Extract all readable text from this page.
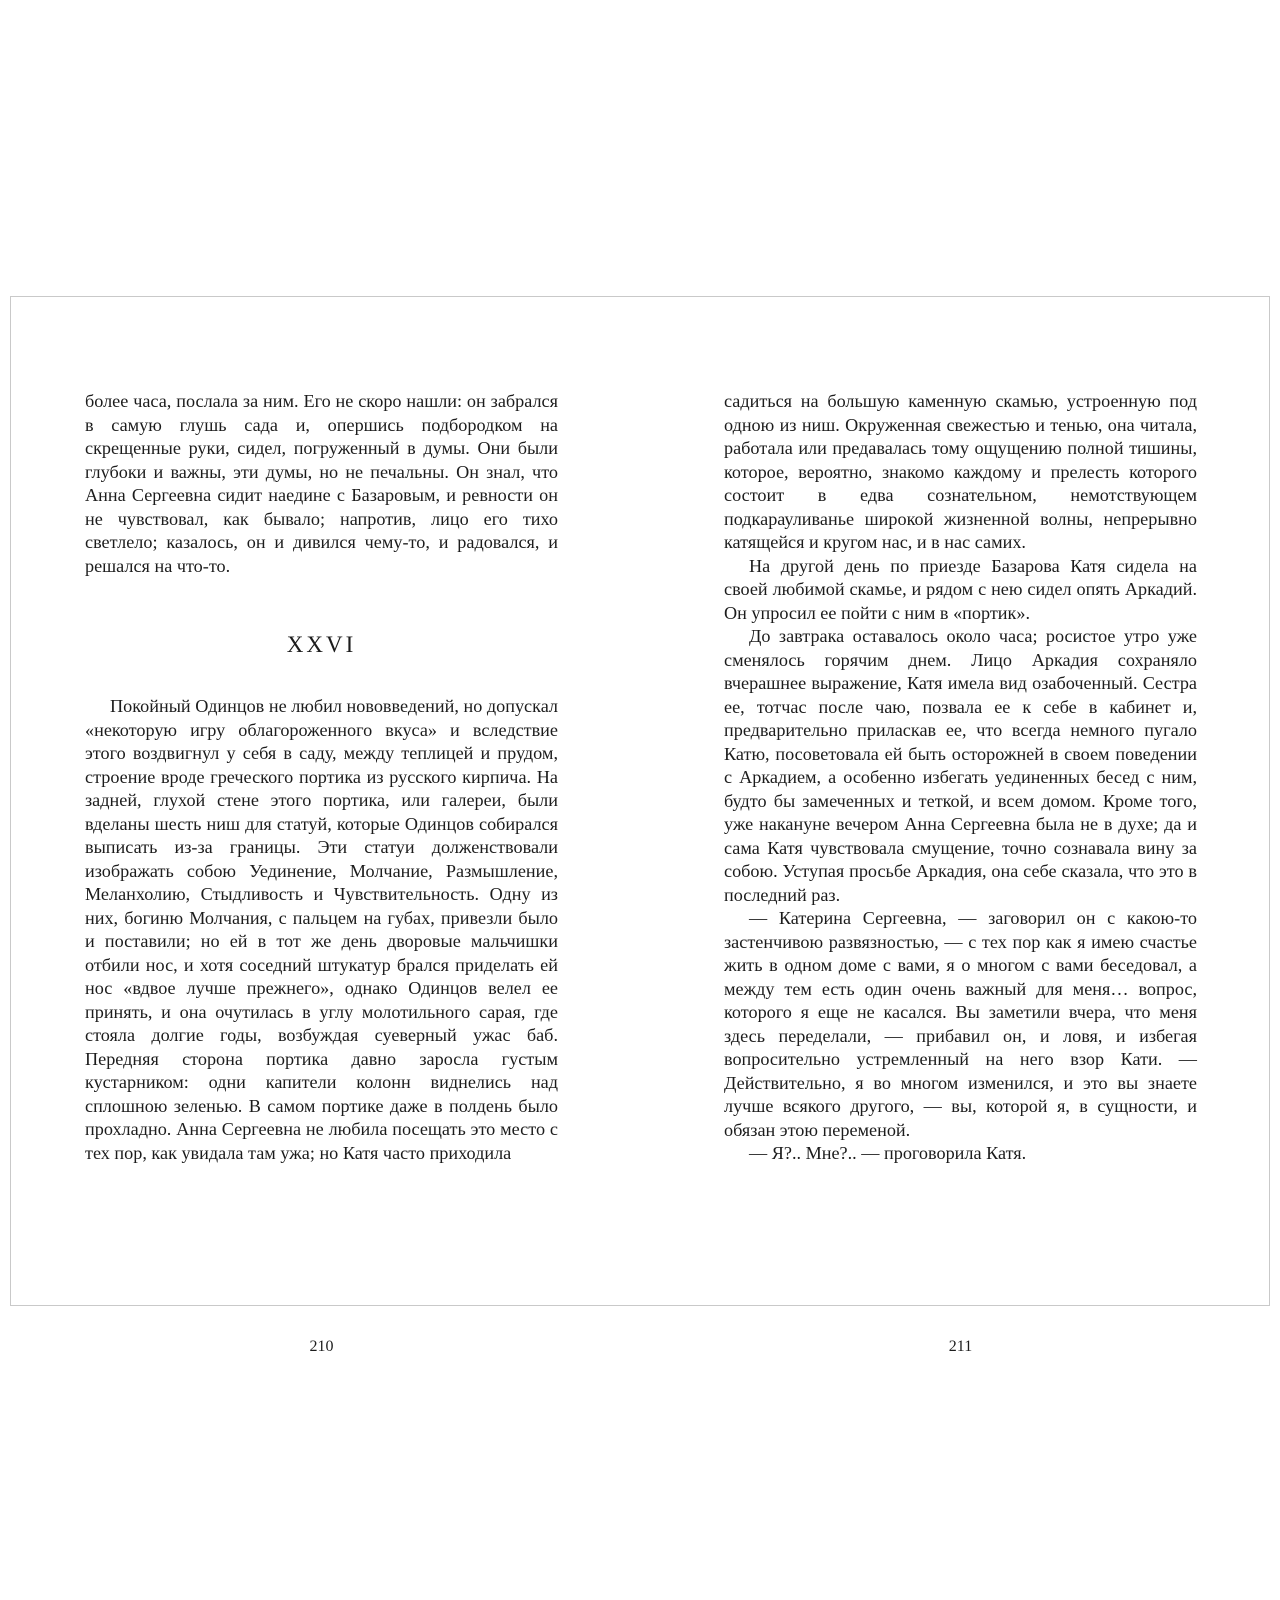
более часа, послала за ним. Его не скоро нашли: он забрался в самую глушь сада и, опершись подбородком на скрещенные руки, сидел, погруженный в думы. Они были глубоки и важны, эти думы, но не печальны. Он знал, что Анна Сергеевна сидит наедине с Базаровым, и ревности он не чувствовал, как бывало; напротив, лицо его тихо светлело; казалось, он и дивился чему-то, и радовался, и решался на что-то.

XXVI

Покойный Одинцов не любил нововведений, но допускал «некоторую игру облагороженного вкуса» и вследствие этого воздвигнул у себя в саду, между теплицей и прудом, строение вроде греческого портика из русского кирпича. На задней, глухой стене этого портика, или галереи, были вделаны шесть ниш для статуй, которые Одинцов собирался выписать из-за границы. Эти статуи долженствовали изображать собою Уединение, Молчание, Размышление, Меланхолию, Стыдливость и Чувствительность. Одну из них, богиню Молчания, с пальцем на губах, привезли было и поставили; но ей в тот же день дворовые мальчишки отбили нос, и хотя соседний штукатур брался приделать ей нос «вдвое лучше прежнего», однако Одинцов велел ее принять, и она очутилась в углу молотильного сарая, где стояла долгие годы, возбуждая суеверный ужас баб. Передняя сторона портика давно заросла густым кустарником: одни капители колонн виднелись над сплошною зеленью. В самом портике даже в полдень было прохладно. Анна Сергеевна не любила посещать это место с тех пор, как увидала там ужа; но Катя часто приходила

210

садиться на большую каменную скамью, устроенную под одною из ниш. Окруженная свежестью и тенью, она читала, работала или предавалась тому ощущению полной тишины, которое, вероятно, знакомо каждому и прелесть которого состоит в едва сознательном, немотствующем подкарауливанье широкой жизненной волны, непрерывно катящейся и кругом нас, и в нас самих.

На другой день по приезде Базарова Катя сидела на своей любимой скамье, и рядом с нею сидел опять Аркадий. Он упросил ее пойти с ним в «портик».

До завтрака оставалось около часа; росистое утро уже сменялось горячим днем. Лицо Аркадия сохраняло вчерашнее выражение, Катя имела вид озабоченный. Сестра ее, тотчас после чаю, позвала ее к себе в кабинет и, предварительно приласкав ее, что всегда немного пугало Катю, посоветовала ей быть осторожней в своем поведении с Аркадием, а особенно избегать уединенных бесед с ним, будто бы замеченных и теткой, и всем домом. Кроме того, уже накануне вечером Анна Сергеевна была не в духе; да и сама Катя чувствовала смущение, точно сознавала вину за собою. Уступая просьбе Аркадия, она себе сказала, что это в последний раз.

— Катерина Сергеевна, — заговорил он с какою-то застенчивою развязностью, — с тех пор как я имею счастье жить в одном доме с вами, я о многом с вами беседовал, а между тем есть один очень важный для меня… вопрос, которого я еще не касался. Вы заметили вчера, что меня здесь переделали, — прибавил он, и ловя, и избегая вопросительно устремленный на него взор Кати. — Действительно, я во многом изменился, и это вы знаете лучше всякого другого, — вы, которой я, в сущности, и обязан этою переменой.

— Я?.. Мне?.. — проговорила Катя.

211
